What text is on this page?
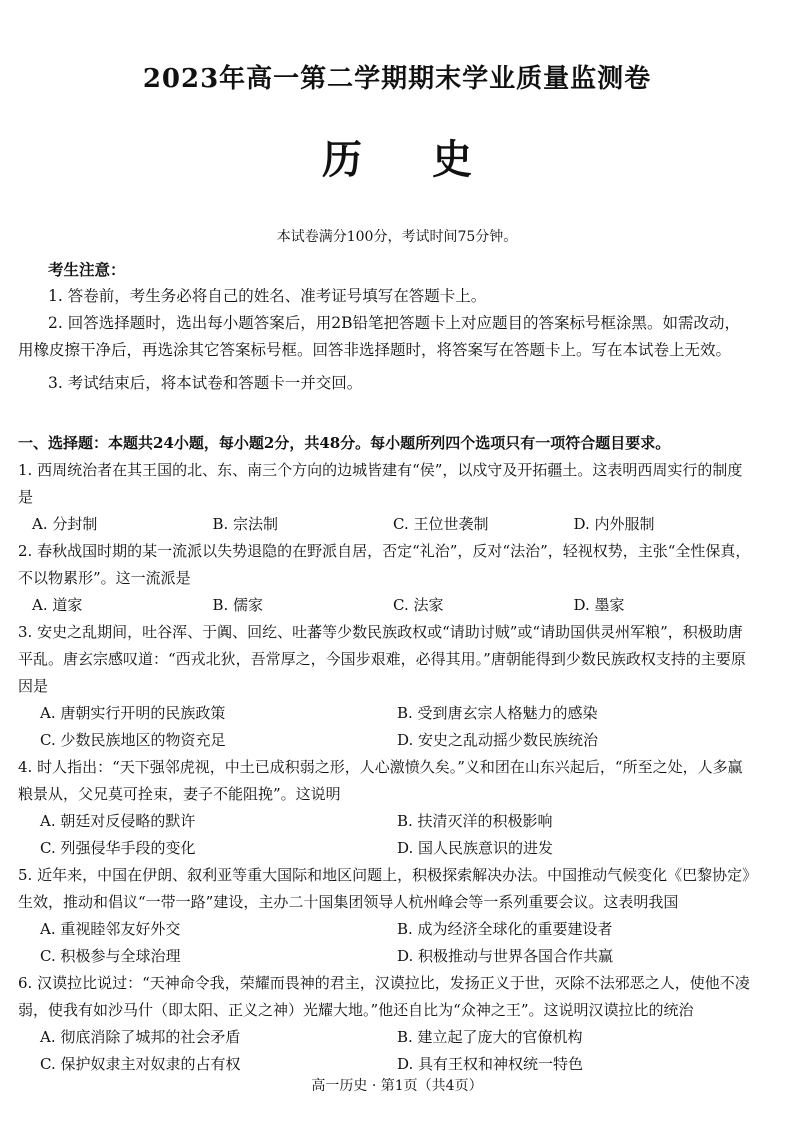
2023年高一第二学期期末学业质量监测卷
历史
本试卷满分100分，考试时间75分钟。

考生注意：

1. 答卷前，考生务必将自己的姓名、准考证号填写在答题卡上。

2. 回答选择题时，选出每小题答案后，用2B铅笔把答题卡上对应题目的答案标号框涂黑。如需改动，用橡皮擦干净后，再选涂其它答案标号框。回答非选择题时，将答案写在答题卡上。写在本试卷上无效。

3. 考试结束后，将本试卷和答题卡一并交回。

一、选择题：本题共24小题，每小题2分，共48分。每小题所列四个选项只有一项符合题目要求。

1. 西周统治者在其王国的北、东、南三个方向的边城皆建有“侯”，以戍守及开拓疆土。这表明西周实行的制度是

A. 分封制	B. 宗法制	C. 王位世袭制	D. 内外服制

2. 春秋战国时期的某一流派以失势退隐的在野派自居，否定“礼治”，反对“法治”，轻视权势，主张“全性保真，不以物累形”。这一流派是

A. 道家	B. 儒家	C. 法家	D. 墨家

3. 安史之乱期间，吐谷浑、于阗、回纥、吐蕃等少数民族政权或“请助讨贼”或“请助国供灵州军粮”，积极助唐平乱。唐玄宗感叹道：“西戎北狄，吾常厚之，今国步艰难，必得其用。”唐朝能得到少数民族政权支持的主要原因是

A. 唐朝实行开明的民族政策	B. 受到唐玄宗人格魅力的感染
C. 少数民族地区的物资充足	D. 安史之乱动摇少数民族统治

4. 时人指出：“天下强邻虎视，中土已成积弱之形，人心激愤久矣。”义和团在山东兴起后，“所至之处，人多赢粮景从，父兄莫可拴束，妻子不能阻挽”。这说明

A. 朝廷对反侵略的默许	B. 扶清灭洋的积极影响
C. 列强侵华手段的变化	D. 国人民族意识的进发

5. 近年来，中国在伊朗、叙利亚等重大国际和地区问题上，积极探索解决办法。中国推动气候变化《巴黎协定》生效，推动和倡议“一带一路”建设，主办二十国集团领导人杭州峰会等一系列重要会议。这表明我国

A. 重视睦邻友好外交	B. 成为经济全球化的重要建设者
C. 积极参与全球治理	D. 积极推动与世界各国合作共赢

6. 汉谟拉比说过：“天神命令我，荣耀而畏神的君主，汉谟拉比，发扬正义于世，灭除不法邪恶之人，使他不凌弱，使我有如沙马什（即太阳、正义之神）光耀大地。”他还自比为“众神之王”。这说明汉谟拉比的统治

A. 彻底消除了城邦的社会矛盾	B. 建立起了庞大的官僚机构
C. 保护奴隶主对奴隶的占有权	D. 具有王权和神权统一特色
高一历史 · 第1页（共4页）
